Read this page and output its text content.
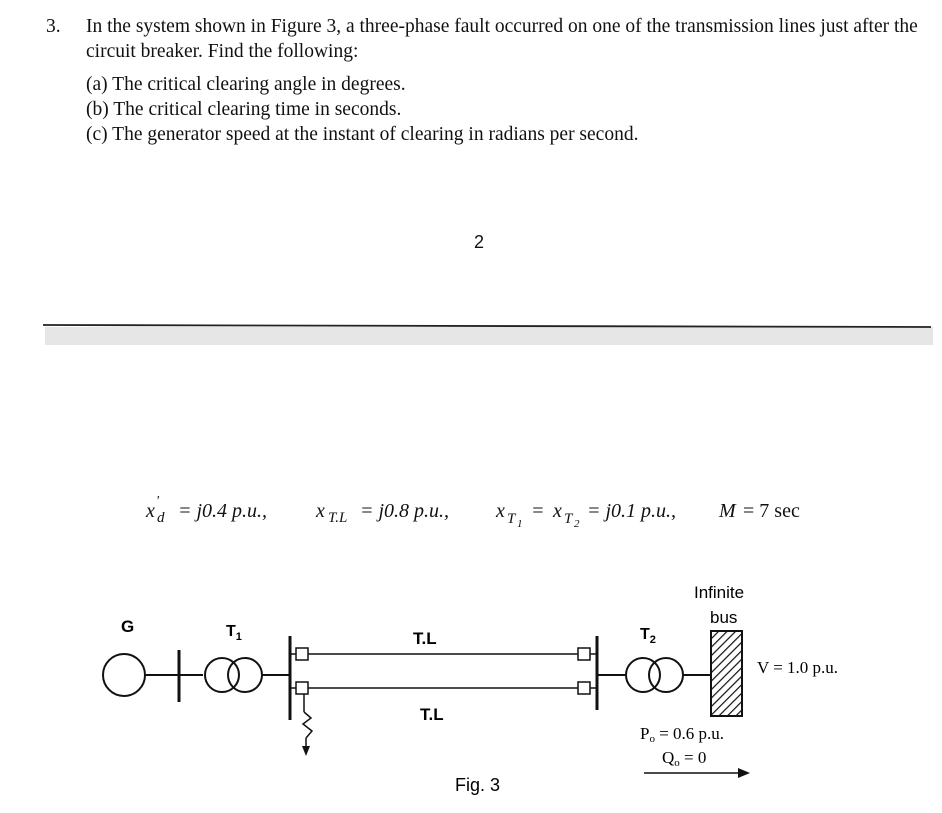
3. In the system shown in Figure 3, a three-phase fault occurred on one of the transmission lines just after the circuit breaker. Find the following:
(a) The critical clearing angle in degrees.
(b) The critical clearing time in seconds.
(c) The generator speed at the instant of clearing in radians per second.
2
x '
d = j0.4 p.u., x T.L = j0.8 p.u., x T 1
= x T 2
= j0.1 p.u., M = 7 sec
G	$T_1$	T.L
T.L
$T_2$
Infinite
bus
V = 1.0 p.u.
Po = 0.6 p.u.
Qo = 0
Fig. 3
